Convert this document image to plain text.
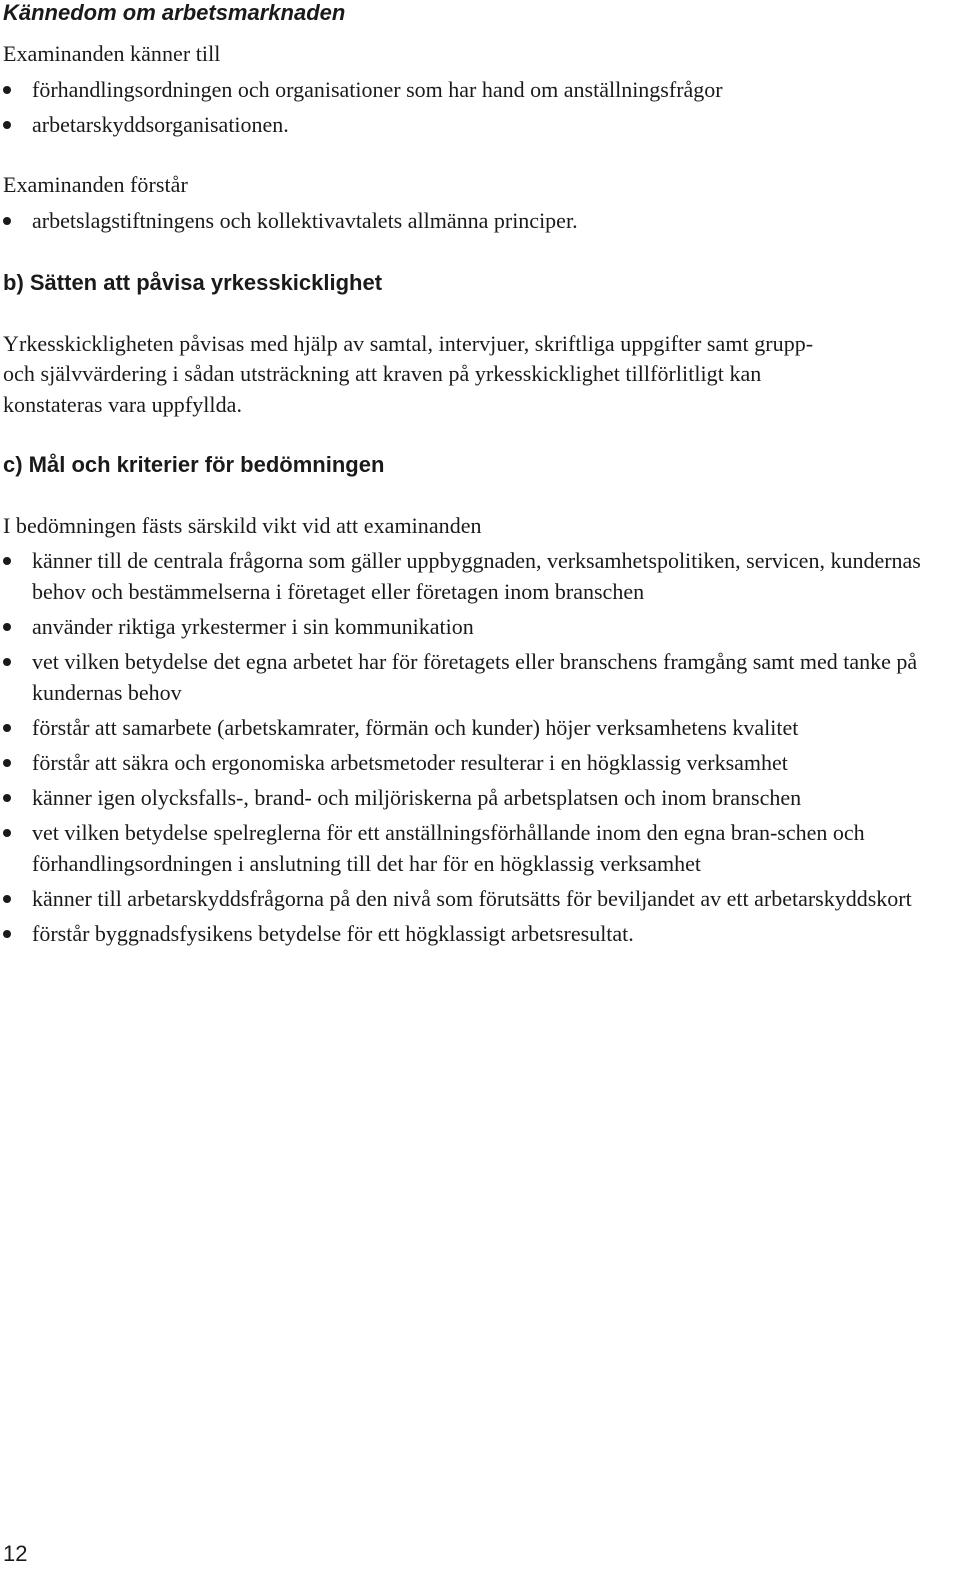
Kännedom om arbetsmarknaden
Examinanden känner till
förhandlingsordningen och organisationer som har hand om anställningsfrågor
arbetarskyddsorganisationen.
Examinanden förstår
arbetslagstiftningens och kollektivavtalets allmänna principer.
b) Sätten att påvisa yrkesskicklighet
Yrkesskickligheten påvisas med hjälp av samtal, intervjuer, skriftliga uppgifter samt grupp-
och självvärdering i sådan utsträckning att kraven på yrkesskicklighet tillförlitligt kan
konstateras vara uppfyllda.
c) Mål och kriterier för bedömningen
I bedömningen fästs särskild vikt vid att examinanden
känner till de centrala frågorna som gäller uppbyggnaden, verksamhetspolitiken, servicen, kundernas behov och bestämmelserna i företaget eller företagen inom branschen
använder riktiga yrkestermer i sin kommunikation
vet vilken betydelse det egna arbetet har för företagets eller branschens framgång samt med tanke på kundernas behov
förstår att samarbete (arbetskamrater, förmän och kunder) höjer verksamhetens kvalitet
förstår att säkra och ergonomiska arbetsmetoder resulterar i en högklassig verksamhet
känner igen olycksfalls-, brand- och miljöriskerna på arbetsplatsen och inom branschen
vet vilken betydelse spelreglerna för ett anställningsförhållande inom den egna bran-schen och förhandlingsordningen i anslutning till det har för en högklassig verksamhet
känner till arbetarskyddsfrågorna på den nivå som förutsätts för beviljandet av ett arbetarskyddskort
förstår byggnadsfysikens betydelse för ett högklassigt arbetsresultat.
12
